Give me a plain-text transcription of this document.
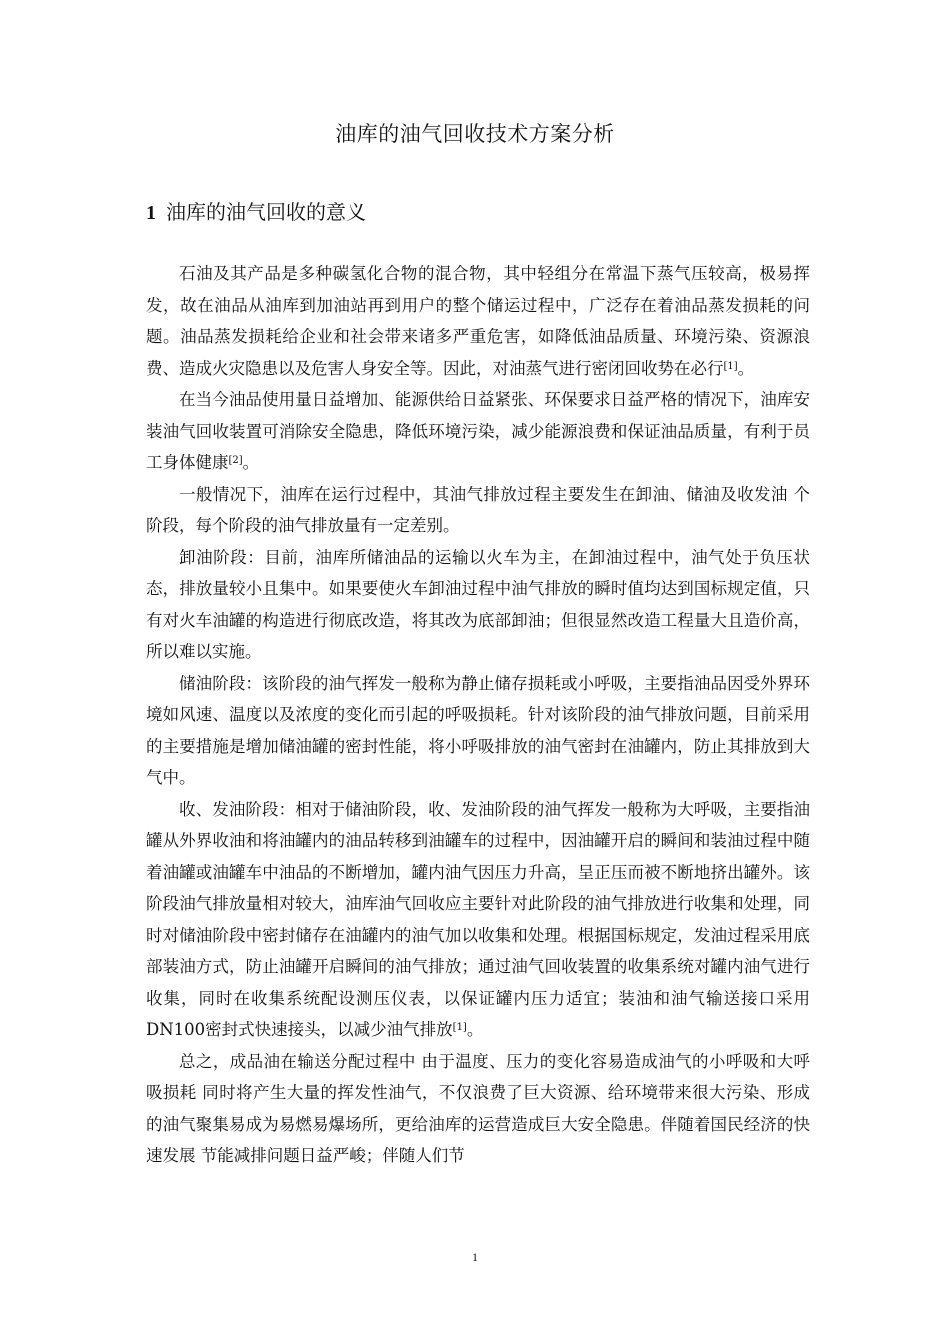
油库的油气回收技术方案分析
1 油库的油气回收的意义

石油及其产品是多种碳氢化合物的混合物，其中轻组分在常温下蒸气压较高，极易挥发，故在油品从油库到加油站再到用户的整个储运过程中，广泛存在着油品蒸发损耗的问题。油品蒸发损耗给企业和社会带来诸多严重危害，如降低油品质量、环境污染、资源浪费、造成火灾隐患以及危害人身安全等。因此，对油蒸气进行密闭回收势在必行[1]。

在当今油品使用量日益增加、能源供给日益紧张、环保要求日益严格的情况下，油库安装油气回收装置可消除安全隐患，降低环境污染，减少能源浪费和保证油品质量，有利于员工身体健康[2]。

一般情况下，油库在运行过程中，其油气排放过程主要发生在卸油、储油及收发油 个阶段，每个阶段的油气排放量有一定差别。

卸油阶段：目前，油库所储油品的运输以火车为主，在卸油过程中，油气处于负压状态，排放量较小且集中。如果要使火车卸油过程中油气排放的瞬时值均达到国标规定值，只有对火车油罐的构造进行彻底改造，将其改为底部卸油；但很显然改造工程量大且造价高，所以难以实施。

储油阶段：该阶段的油气挥发一般称为静止储存损耗或小呼吸，主要指油品因受外界环境如风速、温度以及浓度的变化而引起的呼吸损耗。针对该阶段的油气排放问题，目前采用的主要措施是增加储油罐的密封性能，将小呼吸排放的油气密封在油罐内，防止其排放到大气中。

收、发油阶段：相对于储油阶段，收、发油阶段的油气挥发一般称为大呼吸，主要指油罐从外界收油和将油罐内的油品转移到油罐车的过程中，因油罐开启的瞬间和装油过程中随着油罐或油罐车中油品的不断增加，罐内油气因压力升高，呈正压而被不断地挤出罐外。该阶段油气排放量相对较大，油库油气回收应主要针对此阶段的油气排放进行收集和处理，同时对储油阶段中密封储存在油罐内的油气加以收集和处理。根据国标规定，发油过程采用底部装油方式，防止油罐开启瞬间的油气排放；通过油气回收装置的收集系统对罐内油气进行收集，同时在收集系统配设测压仪表，以保证罐内压力适宜；装油和油气输送接口采用DN100密封式快速接头，以减少油气排放[1]。

总之，成品油在输送分配过程中 由于温度、压力的变化容易造成油气的小呼吸和大呼吸损耗 同时将产生大量的挥发性油气，不仅浪费了巨大资源、给环境带来很大污染、形成的油气聚集易成为易燃易爆场所，更给油库的运营造成巨大安全隐患。伴随着国民经济的快速发展 节能减排问题日益严峻；伴随人们节

1
